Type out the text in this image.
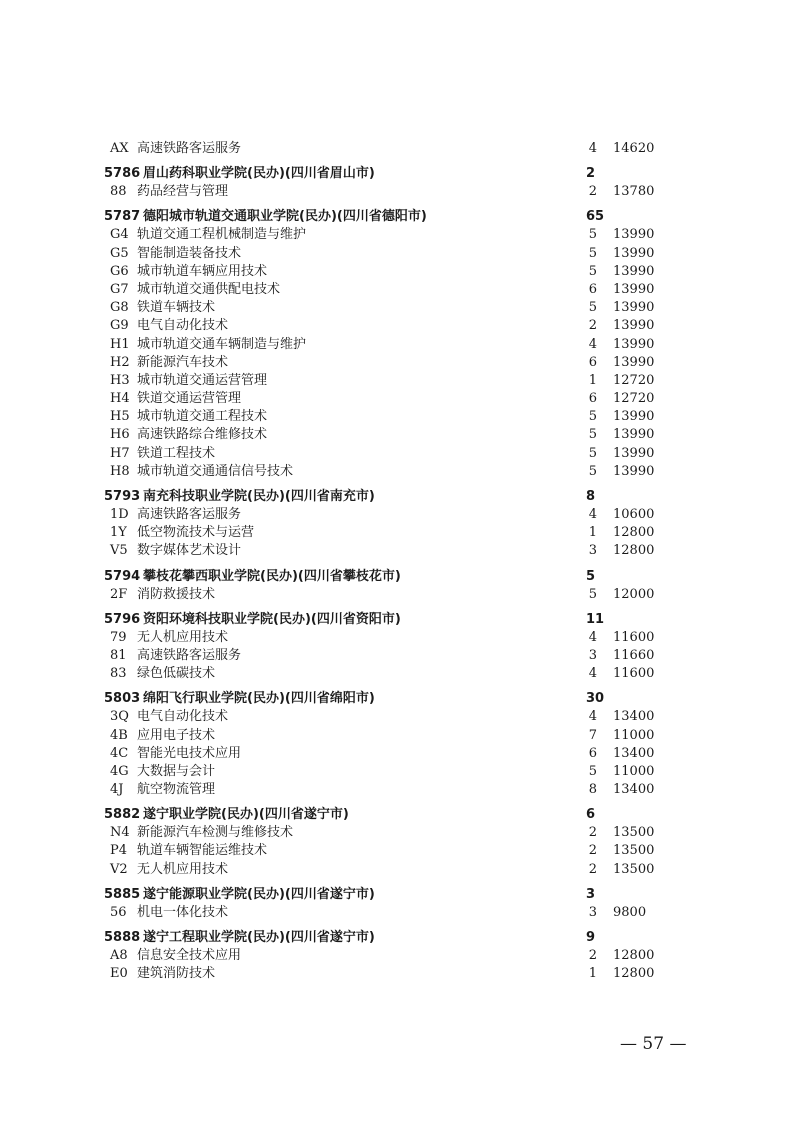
AX 高速铁路客运服务	4 14620
5786 眉山药科职业学院(民办)(四川省眉山市)	2
88 药品经营与管理	2 13780
5787 德阳城市轨道交通职业学院(民办)(四川省德阳市)	65
G4 轨道交通工程机械制造与维护	5 13990
G5 智能制造装备技术	5 13990
G6 城市轨道车辆应用技术	5 13990
G7 城市轨道交通供配电技术	6 13990
G8 铁道车辆技术	5 13990
G9 电气自动化技术	2 13990
H1 城市轨道交通车辆制造与维护	4 13990
H2 新能源汽车技术	6 13990
H3 城市轨道交通运营管理	1 12720
H4 铁道交通运营管理	6 12720
H5 城市轨道交通工程技术	5 13990
H6 高速铁路综合维修技术	5 13990
H7 铁道工程技术	5 13990
H8 城市轨道交通通信信号技术	5 13990
5793 南充科技职业学院(民办)(四川省南充市)	8
1D 高速铁路客运服务	4 10600
1Y 低空物流技术与运营	1 12800
V5 数字媒体艺术设计	3 12800
5794 攀枝花攀西职业学院(民办)(四川省攀枝花市)	5
2F 消防救援技术	5 12000
5796 资阳环境科技职业学院(民办)(四川省资阳市)	11
79 无人机应用技术	4 11600
81 高速铁路客运服务	3 11660
83 绿色低碳技术	4 11600
5803 绵阳飞行职业学院(民办)(四川省绵阳市)	30
3Q 电气自动化技术	4 13400
4B 应用电子技术	7 11000
4C 智能光电技术应用	6 13400
4G 大数据与会计	5 11000
4J 航空物流管理	8 13400
5882 遂宁职业学院(民办)(四川省遂宁市)	6
N4 新能源汽车检测与维修技术	2 13500
P4 轨道车辆智能运维技术	2 13500
V2 无人机应用技术	2 13500
5885 遂宁能源职业学院(民办)(四川省遂宁市)	3
56 机电一体化技术	3 9800
5888 遂宁工程职业学院(民办)(四川省遂宁市)	9
A8 信息安全技术应用	2 12800
E0 建筑消防技术	1 12800
— 57 —
